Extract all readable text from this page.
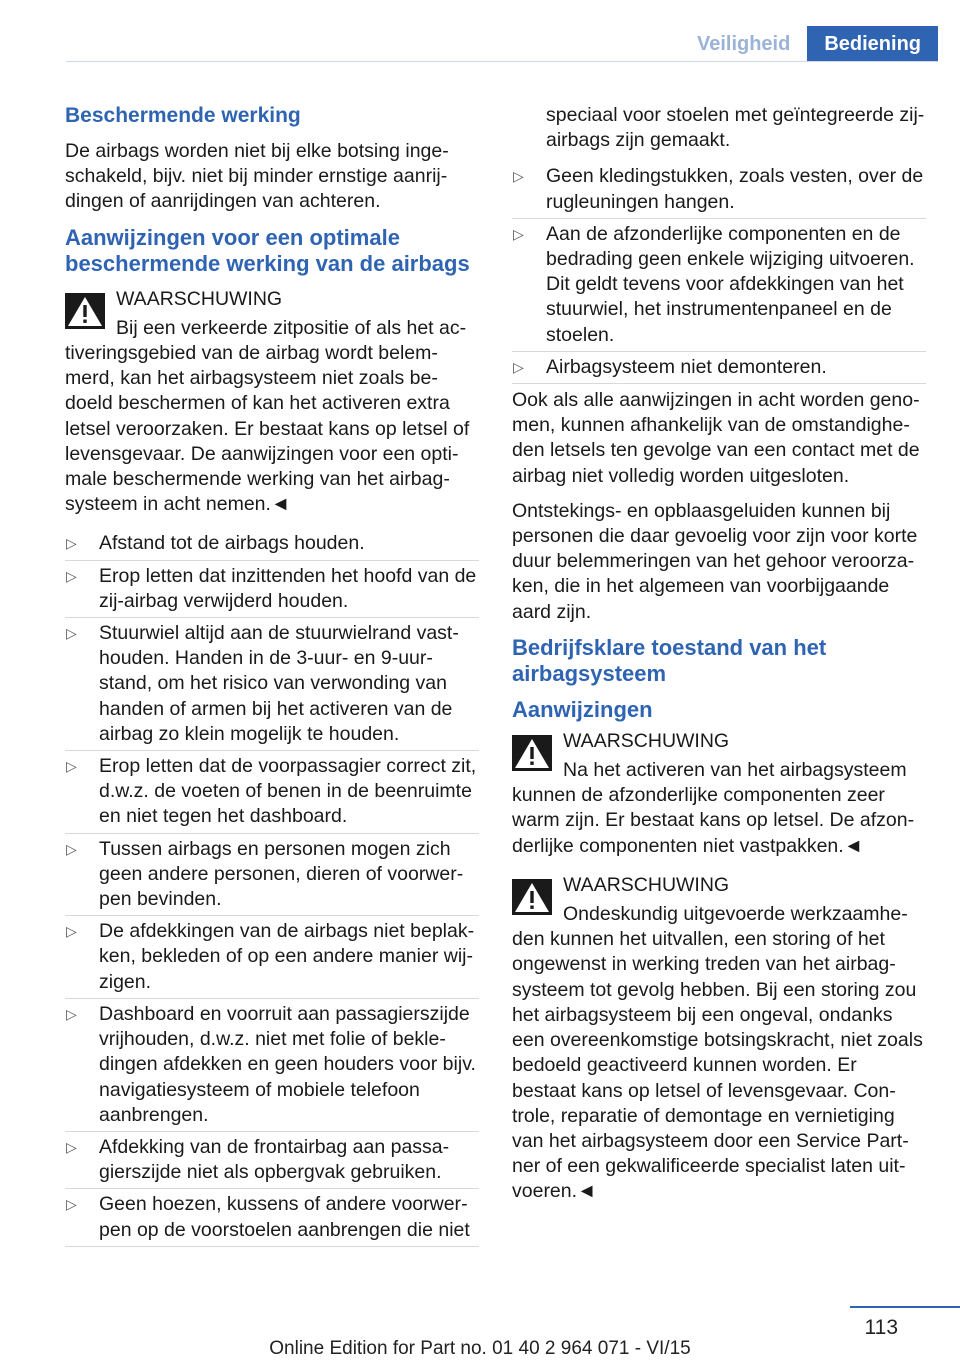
Veiligheid	Bediening

Beschermende werking

De airbags worden niet bij elke botsing ingeschakeld, bijv. niet bij minder ernstige aanrijdingen of aanrijdingen van achteren.

Aanwijzingen voor een optimale beschermende werking van de airbags

WAARSCHUWING
Bij een verkeerde zitpositie of als het activeringsgebied van de airbag wordt belemmerd, kan het airbagsysteem niet zoals bedoeld beschermen of kan het activeren extra letsel veroorzaken. Er bestaat kans op letsel of levensgevaar. De aanwijzingen voor een optimale beschermende werking van het airbagsysteem in acht nemen.◄
▷ Afstand tot de airbags houden.
▷ Erop letten dat inzittenden het hoofd van de zij-airbag verwijderd houden.
▷ Stuurwiel altijd aan de stuurwielrand vasthouden. Handen in de 3-uur- en 9-uur-stand, om het risico van verwonding van handen of armen bij het activeren van de airbag zo klein mogelijk te houden.
▷ Erop letten dat de voorpassagier correct zit, d.w.z. de voeten of benen in de beenruimte en niet tegen het dashboard.
▷ Tussen airbags en personen mogen zich geen andere personen, dieren of voorwerpen bevinden.
▷ De afdekkingen van de airbags niet beplakken, bekleden of op een andere manier wijzigen.
▷ Dashboard en voorruit aan passagierszijde vrijhouden, d.w.z. niet met folie of bekledingen afdekken en geen houders voor bijv. navigatiesysteem of mobiele telefoon aanbrengen.
▷ Afdekking van de frontairbag aan passagierszijde niet als opbergvak gebruiken.
▷ Geen hoezen, kussens of andere voorwerpen op de voorstoelen aanbrengen die niet
speciaal voor stoelen met geïntegreerde zij-airbags zijn gemaakt.
▷ Geen kledingstukken, zoals vesten, over de rugleuningen hangen.
▷ Aan de afzonderlijke componenten en de bedrading geen enkele wijziging uitvoeren. Dit geldt tevens voor afdekkingen van het stuurwiel, het instrumentenpaneel en de stoelen.
▷ Airbagsysteem niet demonteren.

Ook als alle aanwijzingen in acht worden genomen, kunnen afhankelijk van de omstandigheden letsels ten gevolge van een contact met de airbag niet volledig worden uitgesloten.

Ontstekings- en opblaasgeluiden kunnen bij personen die daar gevoelig voor zijn voor korte duur belemmeringen van het gehoor veroorzaken, die in het algemeen van voorbijgaande aard zijn.

Bedrijfsklare toestand van het airbagsysteem

Aanwijzingen

WAARSCHUWING
Na het activeren van het airbagsysteem kunnen de afzonderlijke componenten zeer warm zijn. Er bestaat kans op letsel. De afzonderlijke componenten niet vastpakken.◄
WAARSCHUWING
Ondeskundig uitgevoerde werkzaamheden kunnen het uitvallen, een storing of het ongewenst in werking treden van het airbagsysteem tot gevolg hebben. Bij een storing zou het airbagsysteem bij een ongeval, ondanks een overeenkomstige botsingskracht, niet zoals bedoeld geactiveerd kunnen worden. Er bestaat kans op letsel of levensgevaar. Controle, reparatie of demontage en vernietiging van het airbagsysteem door een Service Partner of een gekwalificeerde specialist laten uitvoeren.◄
113
Online Edition for Part no. 01 40 2 964 071 - VI/15
